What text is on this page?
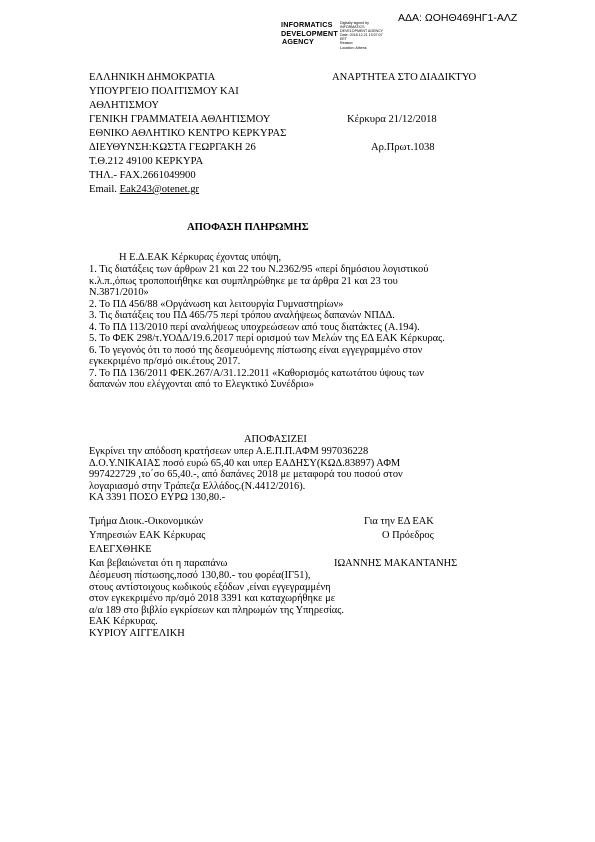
ΑΔΑ: ΩΟΗΘ469ΗΓ1-ΑΛΖ
INFORMATICS
DEVELOPMENT
AGENCY
Digitally signed by
INFORMATICS
DEVELOPMENT AGENCY
Date: 2018.12.21 13:07:07
EET
Reason:
Location: Athens
ΕΛΛΗΝΙΚΗ ΔΗΜΟΚΡΑΤΙΑ	ΑΝΑΡΤΗΤΕΑ ΣΤΟ ΔΙΑΔΙΚΤΥΟ
ΥΠΟΥΡΓΕΙΟ ΠΟΛΙΤΙΣΜΟΥ ΚΑΙ
ΑΘΛΗΤΙΣΜΟΥ
ΓΕΝΙΚΗ ΓΡΑΜΜΑΤΕΙΑ ΑΘΛΗΤΙΣΜΟΥ	Κέρκυρα 21/12/2018
ΕΘΝΙΚΟ ΑΘΛΗΤΙΚΟ ΚΕΝΤΡΟ ΚΕΡΚΥΡΑΣ
ΔΙΕΥΘΥΝΣΗ:ΚΩΣΤΑ ΓΕΩΡΓΑΚΗ 26	Αρ.Πρωτ.1038
Τ.Θ.212 49100 ΚΕΡΚΥΡΑ
ΤΗΛ.- FAX.2661049900
Email. Eak243@otenet.gr
ΑΠΟΦΑΣΗ ΠΛΗΡΩΜΗΣ
Η Ε.Δ.ΕΑΚ Κέρκυρας έχοντας υπόψη,
1. Τις διατάξεις των άρθρων 21 και 22 του Ν.2362/95 «περί δημόσιου λογιστικού
κ.λ.π.,όπως τροποποιήθηκε και συμπληρώθηκε με τα άρθρα 21 και 23 του
Ν.3871/2010»
2. Το ΠΔ 456/88 «Οργάνωση και λειτουργία Γυμναστηρίων»
3. Τις διατάξεις του ΠΔ 465/75 περί τρόπου αναλήψεως δαπανών ΝΠΔΔ.
4. Το ΠΔ 113/2010 περί αναλήψεως υποχρεώσεων από τους διατάκτες (Α.194).
5. Το ΦΕΚ 298/τ.ΥΟΔΔ/19.6.2017 περί ορισμού των Μελών της ΕΔ ΕΑΚ Κέρκυρας.
6. Το γεγονός ότι το ποσό της δεσμευόμενης πίστωσης είναι εγγεγραμμένο στον
εγκεκριμένο πρ/σμό οικ.έτους 2017.
7. Το ΠΔ 136/2011 ΦΕΚ.267/Α/31.12.2011 «Καθορισμός κατωτάτου ύψους των
δαπανών που ελέγχονται από το Ελεγκτικό Συνέδριο»
ΑΠΟΦΑΣΙΖΕΙ
Εγκρίνει την απόδοση κρατήσεων υπερ Α.Ε.Π.Π.ΑΦΜ 997036228
Δ.Ο.Υ.ΝΙΚΑΙΑΣ ποσό ευρώ 65,40 και υπερ ΕΑΔΗΣΥ(ΚΩΔ.83897) ΑΦΜ
997422729 ,το΄σο 65,40.-, από δαπάνες 2018 με μεταφορά του ποσού στον
λογαριασμό στην Τράπεζα Ελλάδος.(Ν.4412/2016).
ΚΑ 3391 ΠΟΣΟ ΕΥΡΩ 130,80.-
Τμήμα Διοικ.-Οικονομικών	Για την ΕΔ ΕΑΚ
Υπηρεσιών ΕΑΚ Κέρκυρας	Ο Πρόεδρος
ΕΛΕΓΧΘΗΚΕ
Και βεβαιώνεται ότι η παραπάνω	ΙΩΑΝΝΗΣ ΜΑΚΑΝΤΑΝΗΣ
Δέσμευση πίστωσης,ποσό 130,80.- του φορέα(ΙΓ51),
στους αντίστοιχους κωδικούς εξόδων ,είναι εγγεγραμμένη
στον εγκεκριμένο πρ/σμό 2018 3391 και καταχωρήθηκε με
α/α 189 στο βιβλίο εγκρίσεων και πληρωμών της Υπηρεσίας.
ΕΑΚ Κέρκυρας.
ΚΥΡΙΟΥ ΑΙΓΓΕΛΙΚΗ
